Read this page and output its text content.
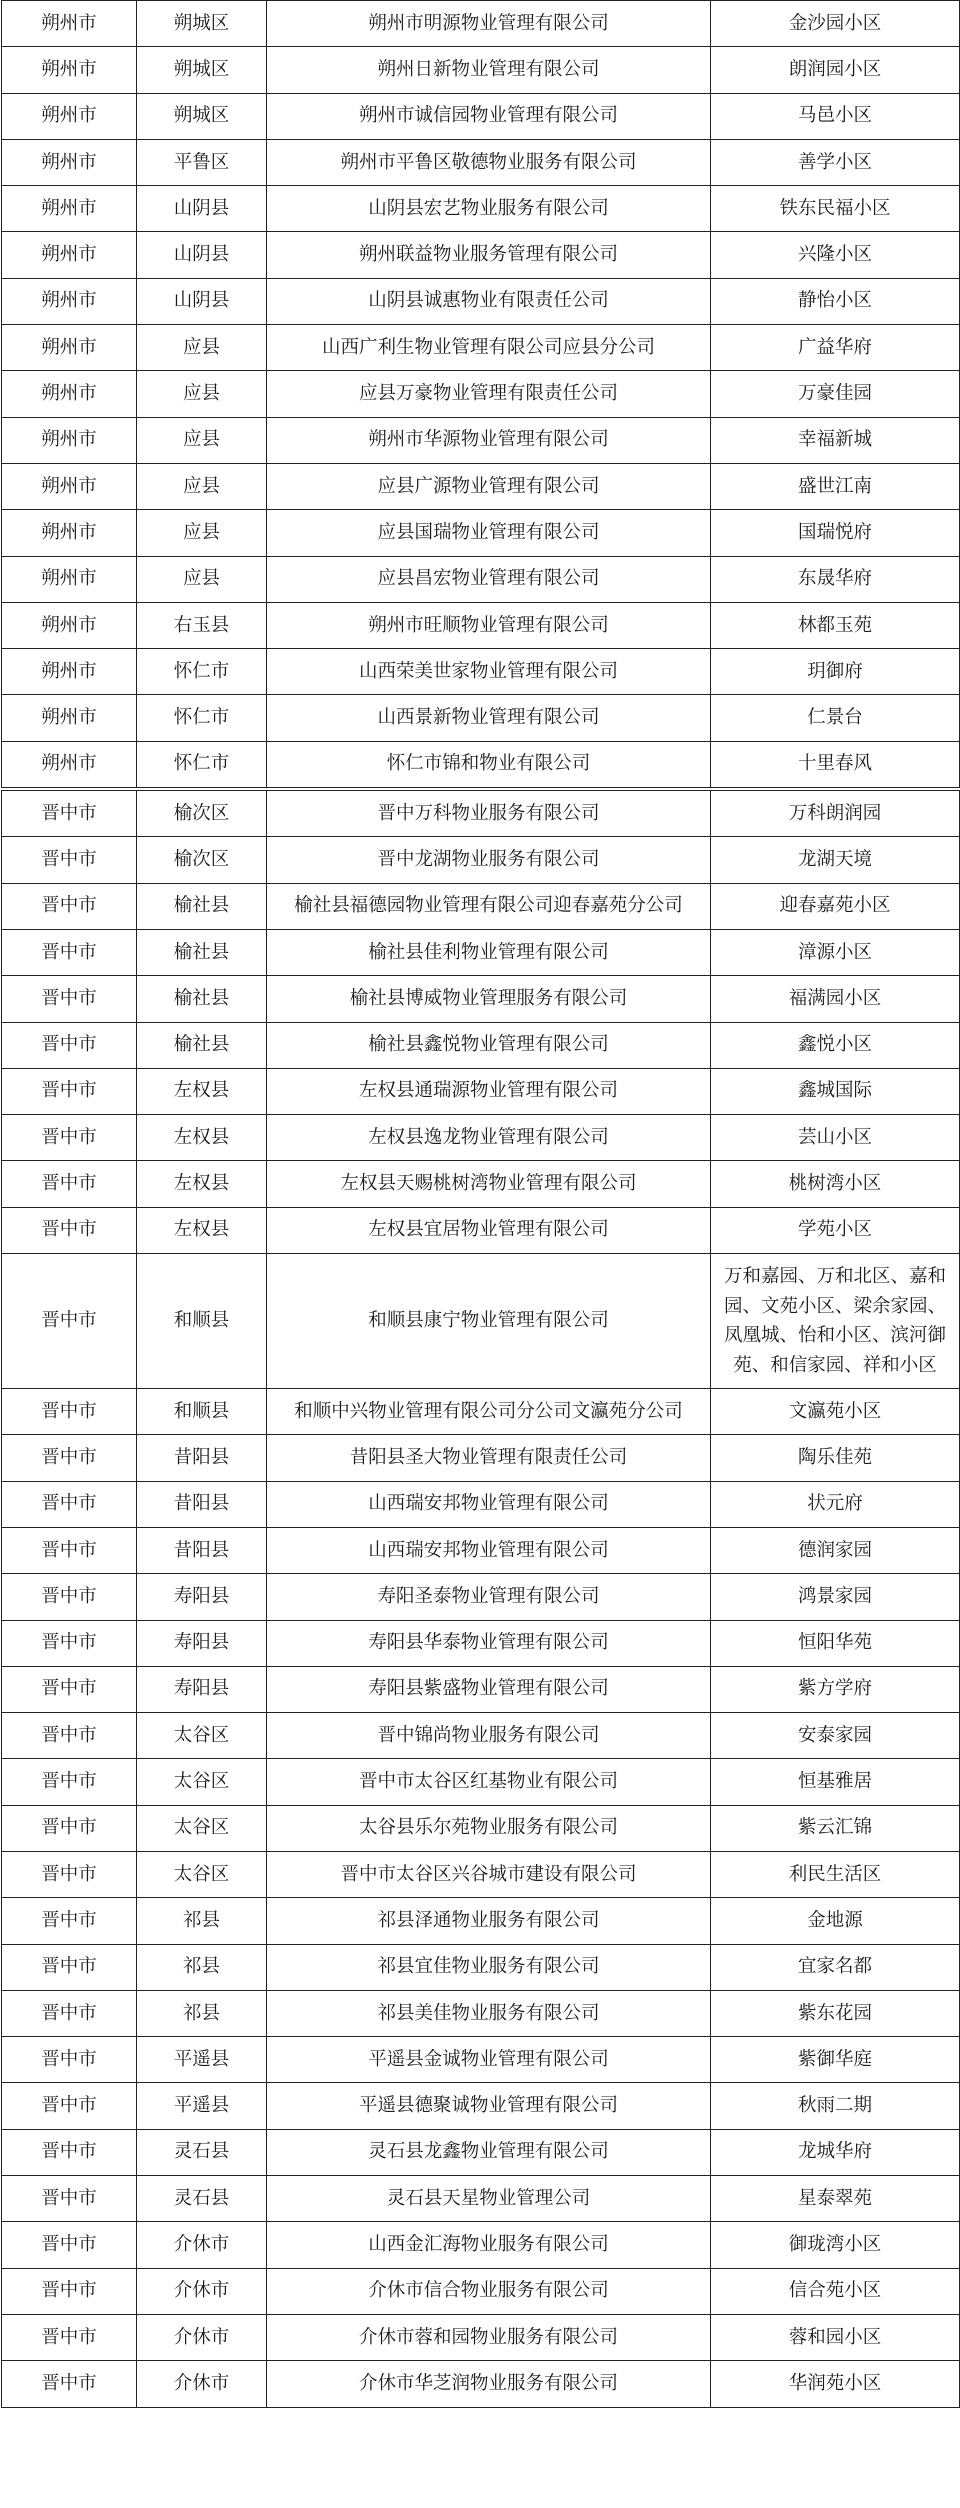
朔州市	朔城区	朔州市明源物业管理有限公司	金沙园小区
朔州市	朔城区	朔州日新物业管理有限公司	朗润园小区
朔州市	朔城区	朔州市诚信园物业管理有限公司	马邑小区
朔州市	平鲁区	朔州市平鲁区敬德物业服务有限公司	善学小区
朔州市	山阴县	山阴县宏艺物业服务有限公司	铁东民福小区
朔州市	山阴县	朔州联益物业服务管理有限公司	兴隆小区
朔州市	山阴县	山阴县诚惠物业有限责任公司	静怡小区
朔州市	应县	山西广利生物业管理有限公司应县分公司	广益华府
朔州市	应县	应县万豪物业管理有限责任公司	万豪佳园
朔州市	应县	朔州市华源物业管理有限公司	幸福新城
朔州市	应县	应县广源物业管理有限公司	盛世江南
朔州市	应县	应县国瑞物业管理有限公司	国瑞悦府
朔州市	应县	应县昌宏物业管理有限公司	东晟华府
朔州市	右玉县	朔州市旺顺物业管理有限公司	林都玉苑
朔州市	怀仁市	山西荣美世家物业管理有限公司	玥御府
朔州市	怀仁市	山西景新物业管理有限公司	仁景台
朔州市	怀仁市	怀仁市锦和物业有限公司	十里春风
晋中市	榆次区	晋中万科物业服务有限公司	万科朗润园
晋中市	榆次区	晋中龙湖物业服务有限公司	龙湖天境
晋中市	榆社县	榆社县福德园物业管理有限公司迎春嘉苑分公司	迎春嘉苑小区
晋中市	榆社县	榆社县佳利物业管理有限公司	漳源小区
晋中市	榆社县	榆社县博威物业管理服务有限公司	福满园小区
晋中市	榆社县	榆社县鑫悦物业管理有限公司	鑫悦小区
晋中市	左权县	左权县通瑞源物业管理有限公司	鑫城国际
晋中市	左权县	左权县逸龙物业管理有限公司	芸山小区
晋中市	左权县	左权县天赐桃树湾物业管理有限公司	桃树湾小区
晋中市	左权县	左权县宜居物业管理有限公司	学苑小区
晋中市	和顺县	和顺县康宁物业管理有限公司	万和嘉园、万和北区、嘉和园、文苑小区、梁余家园、凤凰城、怡和小区、滨河御苑、和信家园、祥和小区
晋中市	和顺县	和顺中兴物业管理有限公司分公司文瀛苑分公司	文瀛苑小区
晋中市	昔阳县	昔阳县圣大物业管理有限责任公司	陶乐佳苑
晋中市	昔阳县	山西瑞安邦物业管理有限公司	状元府
晋中市	昔阳县	山西瑞安邦物业管理有限公司	德润家园
晋中市	寿阳县	寿阳圣泰物业管理有限公司	鸿景家园
晋中市	寿阳县	寿阳县华泰物业管理有限公司	恒阳华苑
晋中市	寿阳县	寿阳县紫盛物业管理有限公司	紫方学府
晋中市	太谷区	晋中锦尚物业服务有限公司	安泰家园
晋中市	太谷区	晋中市太谷区红基物业有限公司	恒基雅居
晋中市	太谷区	太谷县乐尔苑物业服务有限公司	紫云汇锦
晋中市	太谷区	晋中市太谷区兴谷城市建设有限公司	利民生活区
晋中市	祁县	祁县泽通物业服务有限公司	金地源
晋中市	祁县	祁县宜佳物业服务有限公司	宜家名都
晋中市	祁县	祁县美佳物业服务有限公司	紫东花园
晋中市	平遥县	平遥县金诚物业管理有限公司	紫御华庭
晋中市	平遥县	平遥县德聚诚物业管理有限公司	秋雨二期
晋中市	灵石县	灵石县龙鑫物业管理有限公司	龙城华府
晋中市	灵石县	灵石县天星物业管理公司	星泰翠苑
晋中市	介休市	山西金汇海物业服务有限公司	御珑湾小区
晋中市	介休市	介休市信合物业服务有限公司	信合苑小区
晋中市	介休市	介休市蓉和园物业服务有限公司	蓉和园小区
晋中市	介休市	介休市华芝润物业服务有限公司	华润苑小区
